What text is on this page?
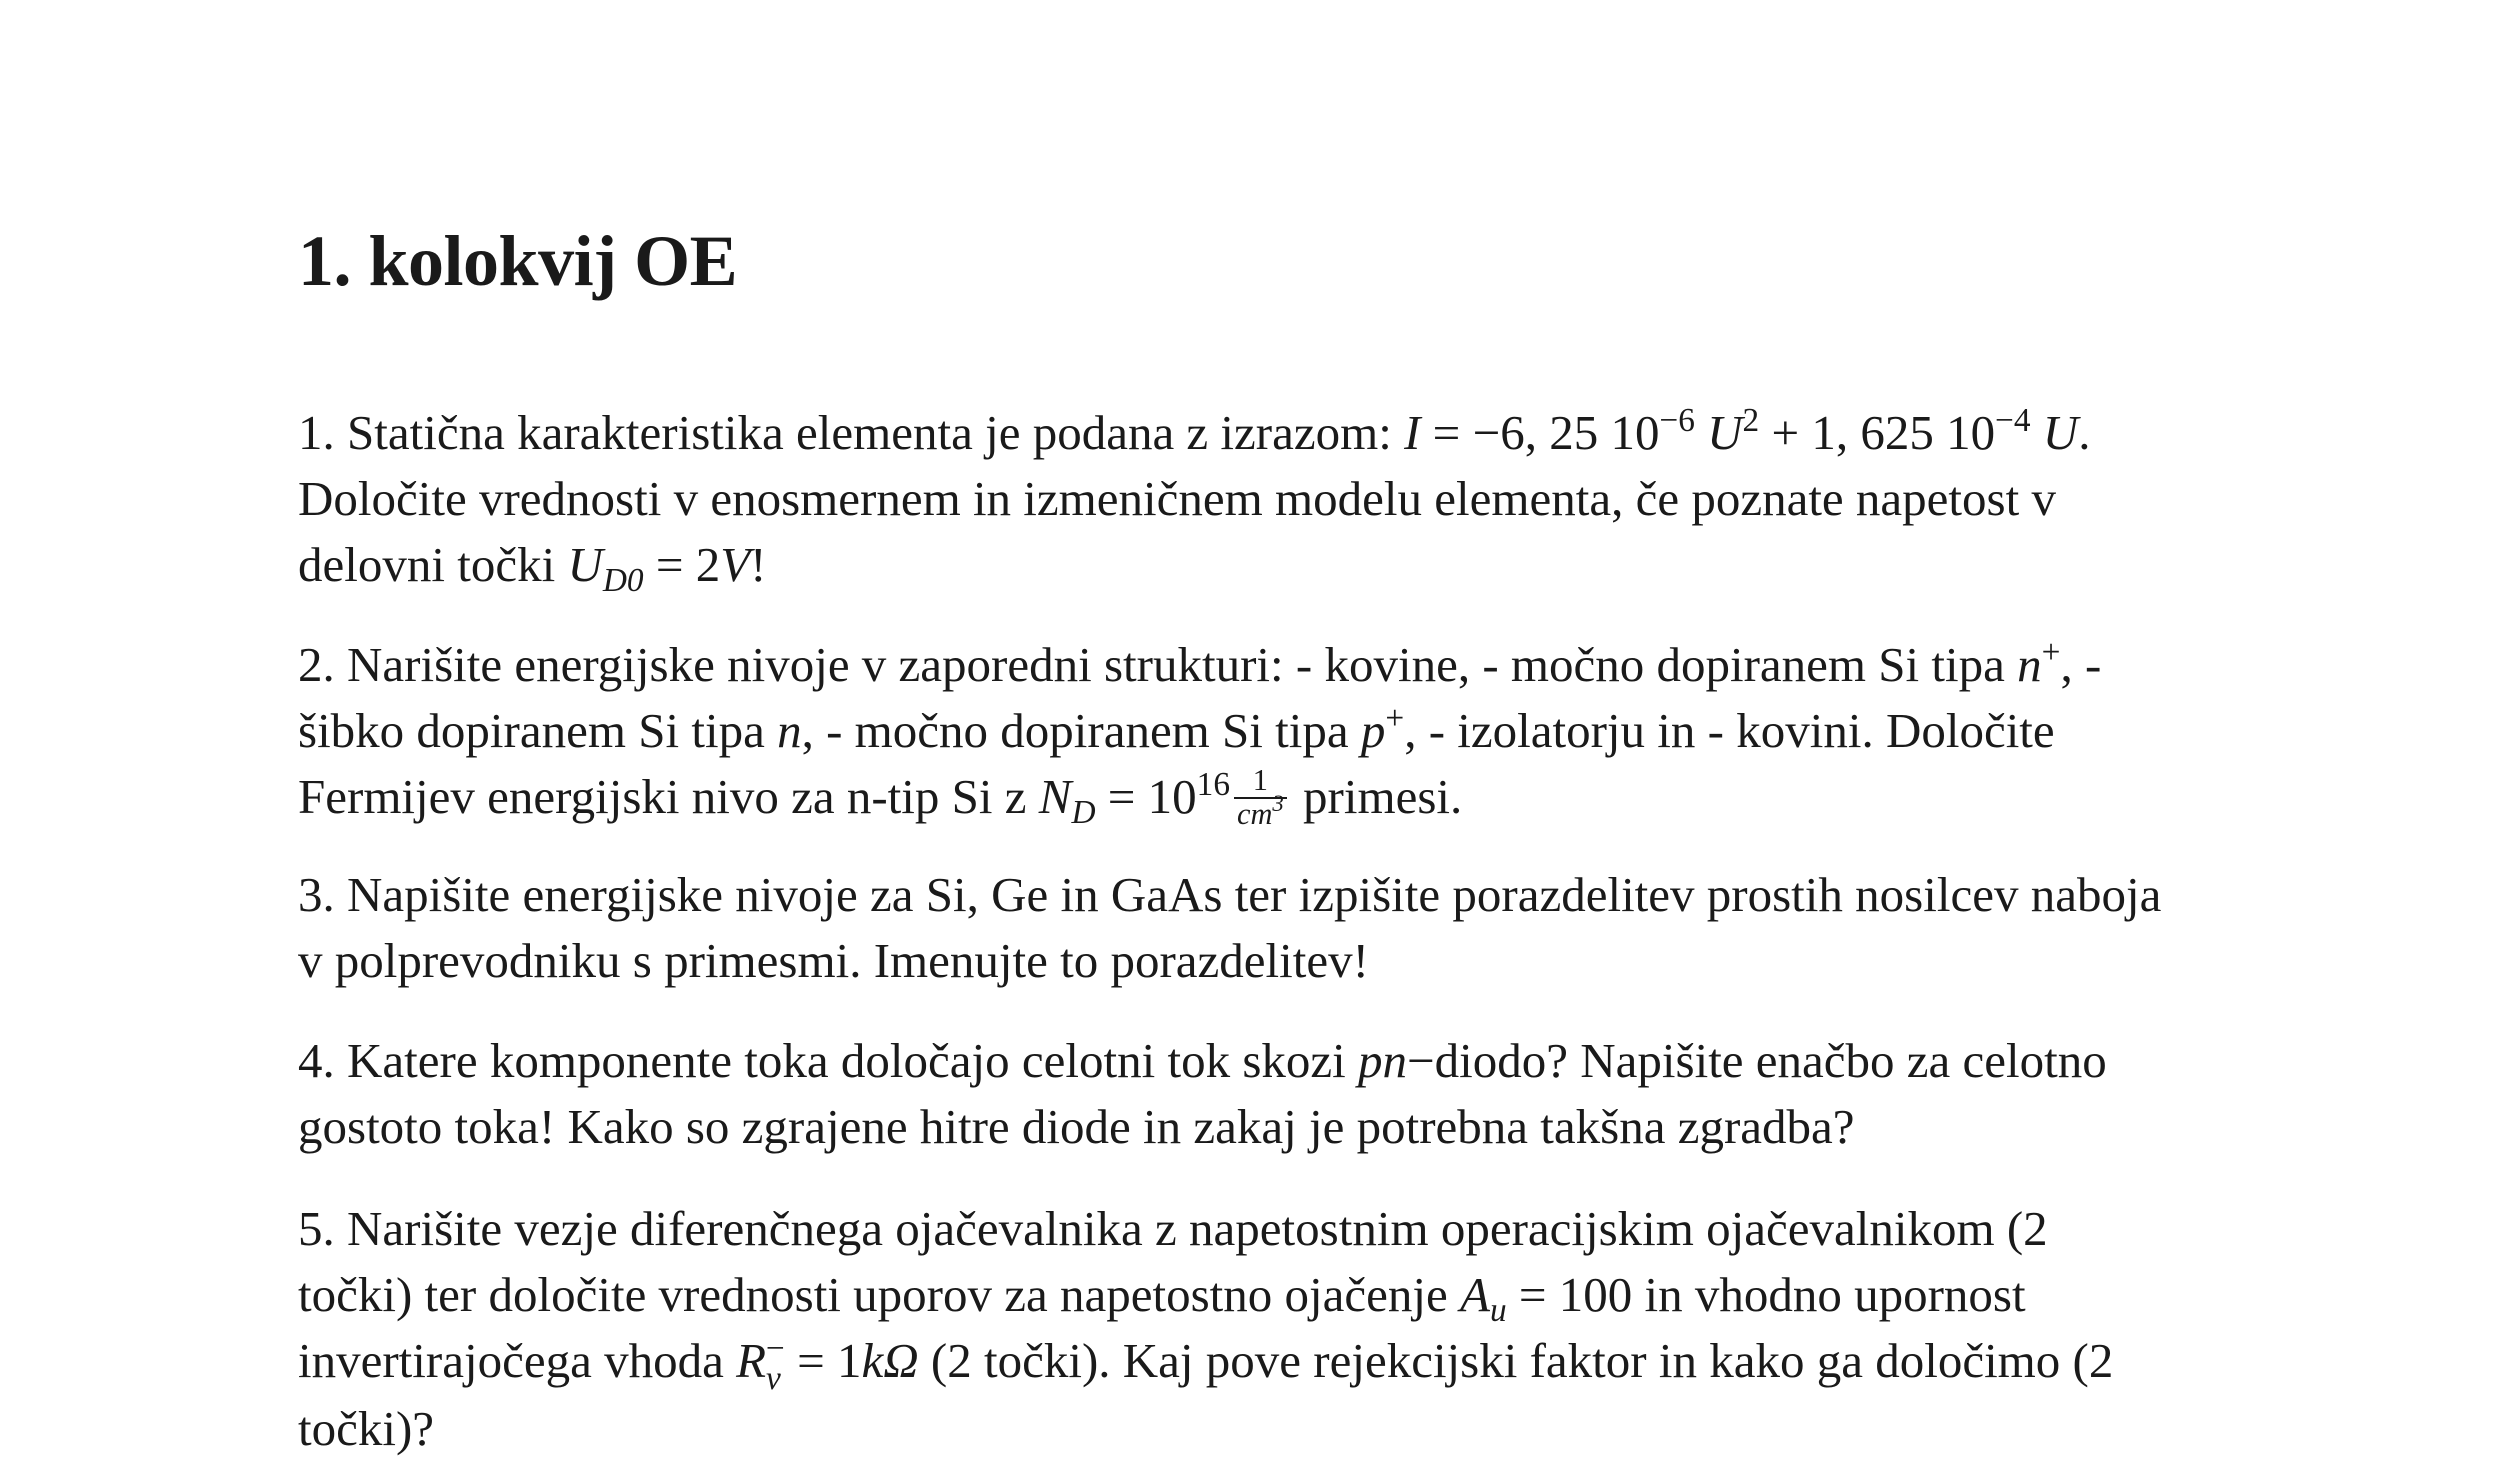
1. kolokvij OE
1. Statična karakteristika elementa je podana z izrazom: I = −6, 25 $10^{-6}$ $U^2 + 1$, 625 $10^{-4}$ U.
Določite vrednosti v enosmernem in izmeničnem modelu elementa, če poznate napetost v
delovni točki $U_{D0} = 2V$!
2. Narišite energijske nivoje v zaporedni strukturi: - kovine, - močno dopiranem Si tipa n+, -
šibko dopiranem Si tipa n, - močno dopiranem Si tipa p+, - izolatorju in - kovini. Določite
Fermijev energijski nivo za n-tip Si z $N_D = 10^{16} \frac{1}{cm^3}$ primesi.
3. Napišite energijske nivoje za Si, Ge in GaAs ter izpišite porazdelitev prostih nosilcev naboja
v polprevodniku s primesmi. Imenujte to porazdelitev!
4. Katere komponente toka določajo celotni tok skozi pn−diodo? Napišite enačbo za celotno
gostoto toka! Kako so zgrajene hitre diode in zakaj je potrebna takšna zgradba?
5. Narišite vezje diferenčnega ojačevalnika z napetostnim operacijskim ojačevalnikom (2
točki) ter določite vrednosti uporov za napetostno ojačenje $A_u = 100$ in vhodno upornost
invertirajočega vhoda R −
v = 1kΩ (2 točki). Kaj pove rejekcijski faktor in kako ga določimo (2
točki)?
